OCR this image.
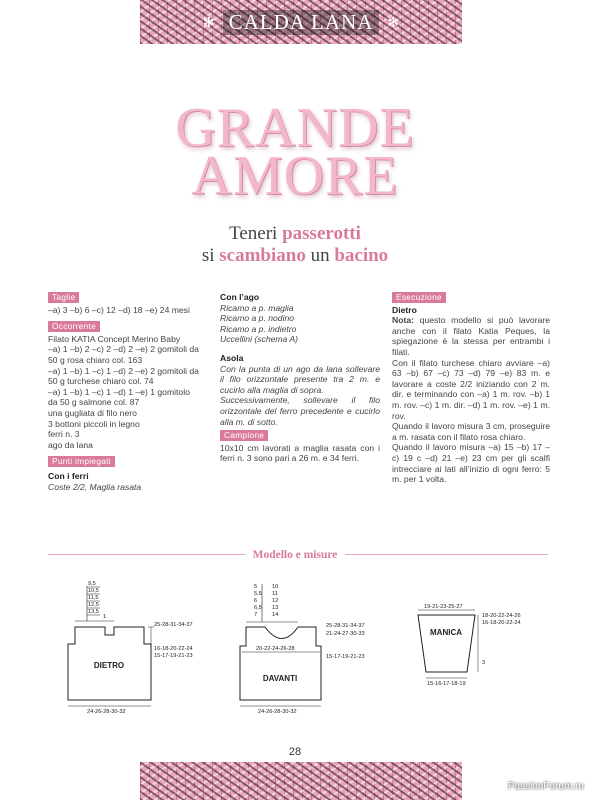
✻ CALDA LANA	✻
GRANDE
AMORE
Teneri passerotti
si scambiano un bacino
Taglie
–a) 3 –b) 6 –c) 12 –d) 18 –e) 24 mesi
Occorrente
Filato KATIA Concept Merino Baby
–a) 1 –b) 2 –c) 2 –d) 2 –e) 2 gomitoli da
50 g rosa chiaro col. 163
–a) 1 –b) 1 –c) 1 –d) 2 –e) 2 gomitoli da
50 g turchese chiaro col. 74
–a) 1 –b) 1 –c) 1 –d) 1 –e) 1 gomitolo
da 50 g salmone col. 87
una gugliata di filo nero
3 bottoni piccoli in legno
ferri n. 3
ago da lana
Punti impiegati
Con i ferri
Coste 2/2, Maglia rasata
Con l’ago
Ricamo a p. maglia
Ricamo a p. nodino
Ricamo a p. indietro
Uccellini (schema A)
Asola
Con la punta di un ago da lana sollevare il filo orizzontale presente tra 2 m. e cucirlo alla maglia di sopra.
Successivamente, sollevare il filo orizzontale del ferro precedente e cucirlo alla m. di sotto.
Campione
10x10 cm lavorati a maglia rasata con i ferri n. 3 sono pari a 26 m. e 34 ferri.
Esecuzione
Dietro
Nota: questo modello si può lavorare anche con il filato Katia Peques, la spiegazione è la stessa per entrambi i filati.
Con il filato turchese chiaro avviare –a) 63 –b) 67 –c) 73 –d) 79 –e) 83 m. e lavorare a coste 2/2 iniziando con 2 m. dir. e terminando con –a) 1 m. rov. –b) 1 m. rov. –c) 1 m. dir. –d) 1 m. rov. –e) 1 m. rov.
Quando il lavoro misura 3 cm, proseguire a m. rasata con il filato rosa chiaro.
Quando il lavoro misura –a) 15 –b) 17 –c) 19 c –d) 21 –e) 23 cm per gli scalfi intrecciare ai lati all’inizio di ogni ferro: 5 m. per 1 volta.
Modello e misure
9,5
10,5
11,5
12,5
13,5
1
25-28-31-34-37
16-18-20-22-24
15-17-19-21-23
24-26-28-30-32
DIETRO
5
5,5
6
6,5
7
10
11
12
13
14
25-28-31-34-37
21-24-27-30-33
20-22-24-26-28
15-17-19-21-23
24-26-28-30-32
DAVANTI
19-21-23-25-27
18-20-22-24-26
16-18-20-22-24
3
15-16-17-18-19
MANICA
28
PassionForum.ru
